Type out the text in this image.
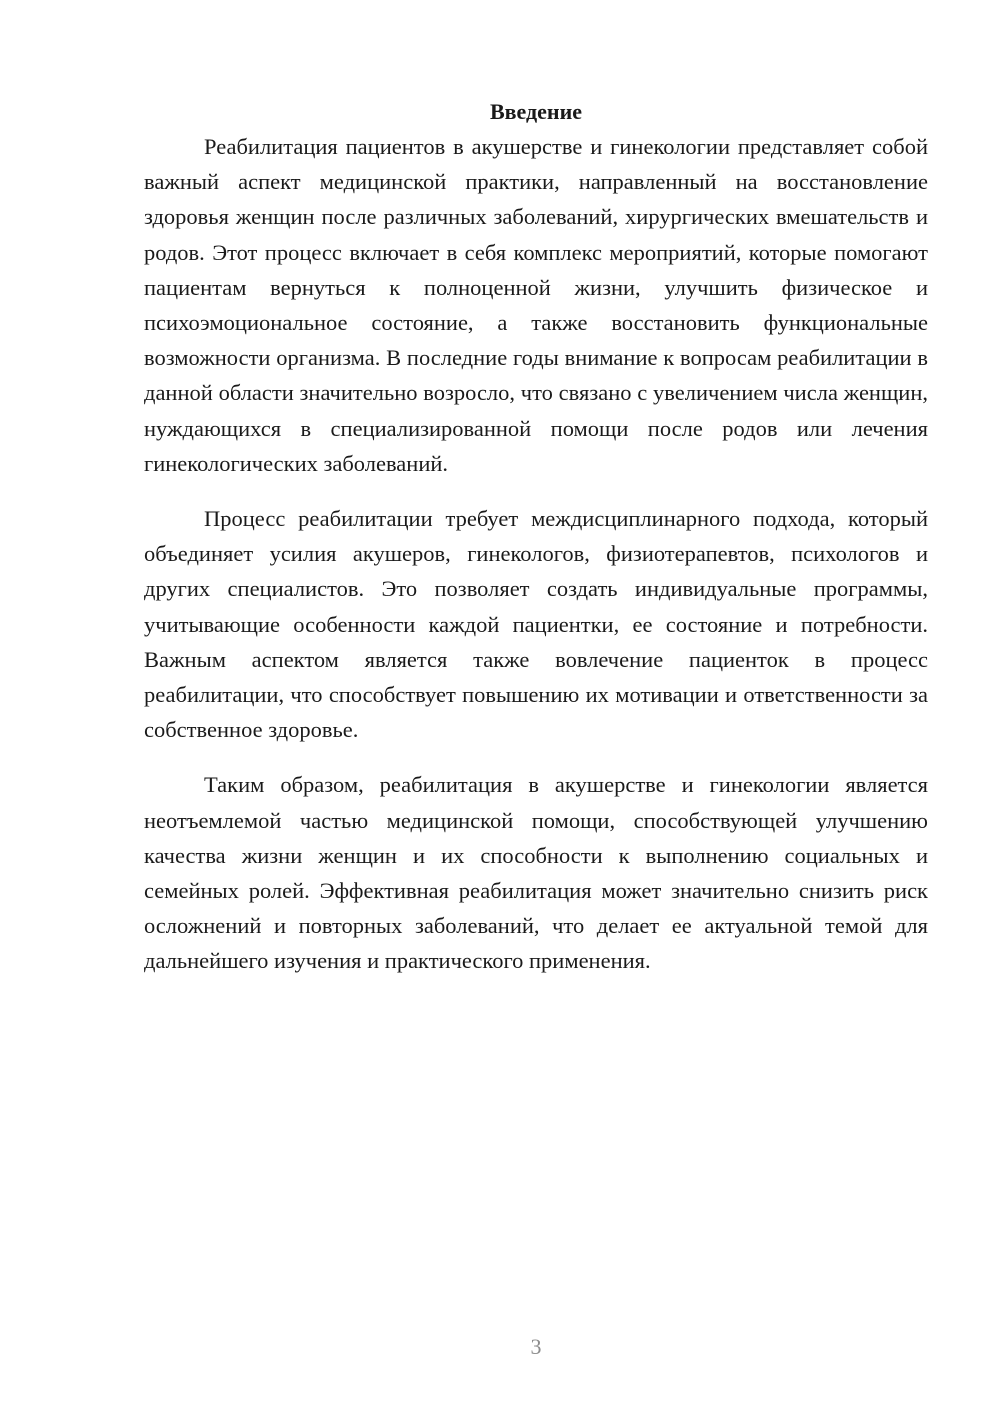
Введение

Реабилитация пациентов в акушерстве и гинекологии представляет собой важный аспект медицинской практики, направленный на восстановление здоровья женщин после различных заболеваний, хирургических вмешательств и родов. Этот процесс включает в себя комплекс мероприятий, которые помогают пациентам вернуться к полноценной жизни, улучшить физическое и психоэмоциональное состояние, а также восстановить функциональные возможности организма. В последние годы внимание к вопросам реабилитации в данной области значительно возросло, что связано с увеличением числа женщин, нуждающихся в специализированной помощи после родов или лечения гинекологических заболеваний.

Процесс реабилитации требует междисциплинарного подхода, который объединяет усилия акушеров, гинекологов, физиотерапевтов, психологов и других специалистов. Это позволяет создать индивидуальные программы, учитывающие особенности каждой пациентки, ее состояние и потребности. Важным аспектом является также вовлечение пациенток в процесс реабилитации, что способствует повышению их мотивации и ответственности за собственное здоровье.

Таким образом, реабилитация в акушерстве и гинекологии является неотъемлемой частью медицинской помощи, способствующей улучшению качества жизни женщин и их способности к выполнению социальных и семейных ролей. Эффективная реабилитация может значительно снизить риск осложнений и повторных заболеваний, что делает ее актуальной темой для дальнейшего изучения и практического применения.

3
